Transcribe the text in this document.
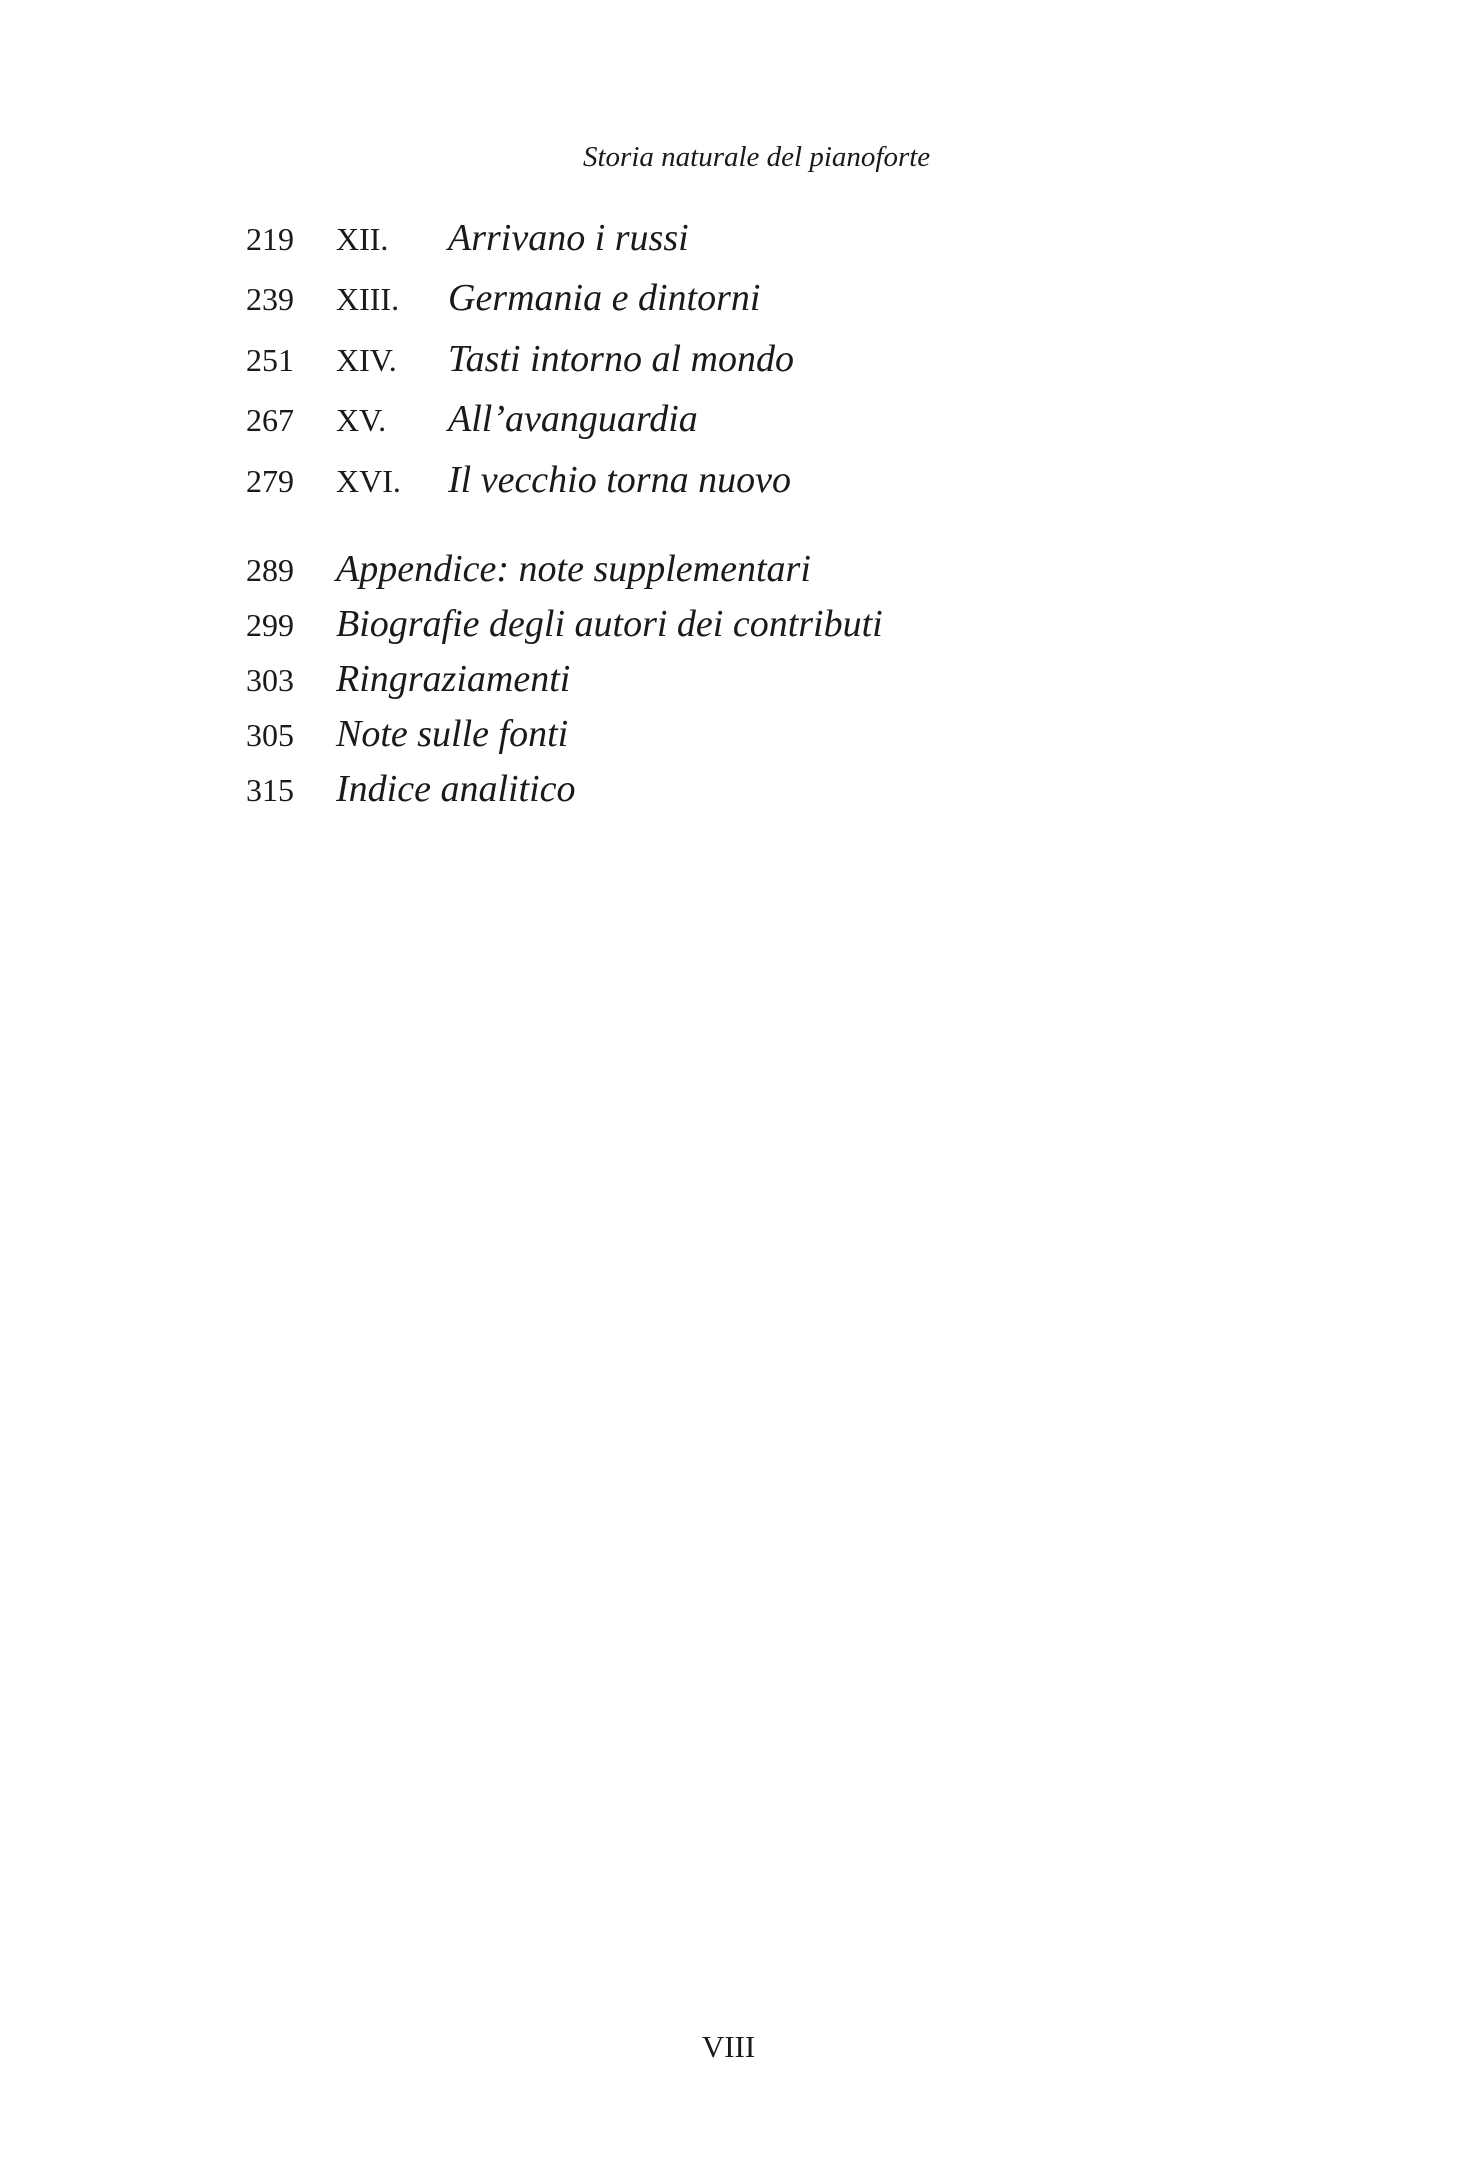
Storia naturale del pianoforte
219	XII.	Arrivano i russi
239	XIII.	Germania e dintorni
251	XIV.	Tasti intorno al mondo
267	XV.	All’avanguardia
279	XVI.	Il vecchio torna nuovo
289	Appendice: note supplementari
299	Biografie degli autori dei contributi
303	Ringraziamenti
305	Note sulle fonti
315	Indice analitico
VIII
